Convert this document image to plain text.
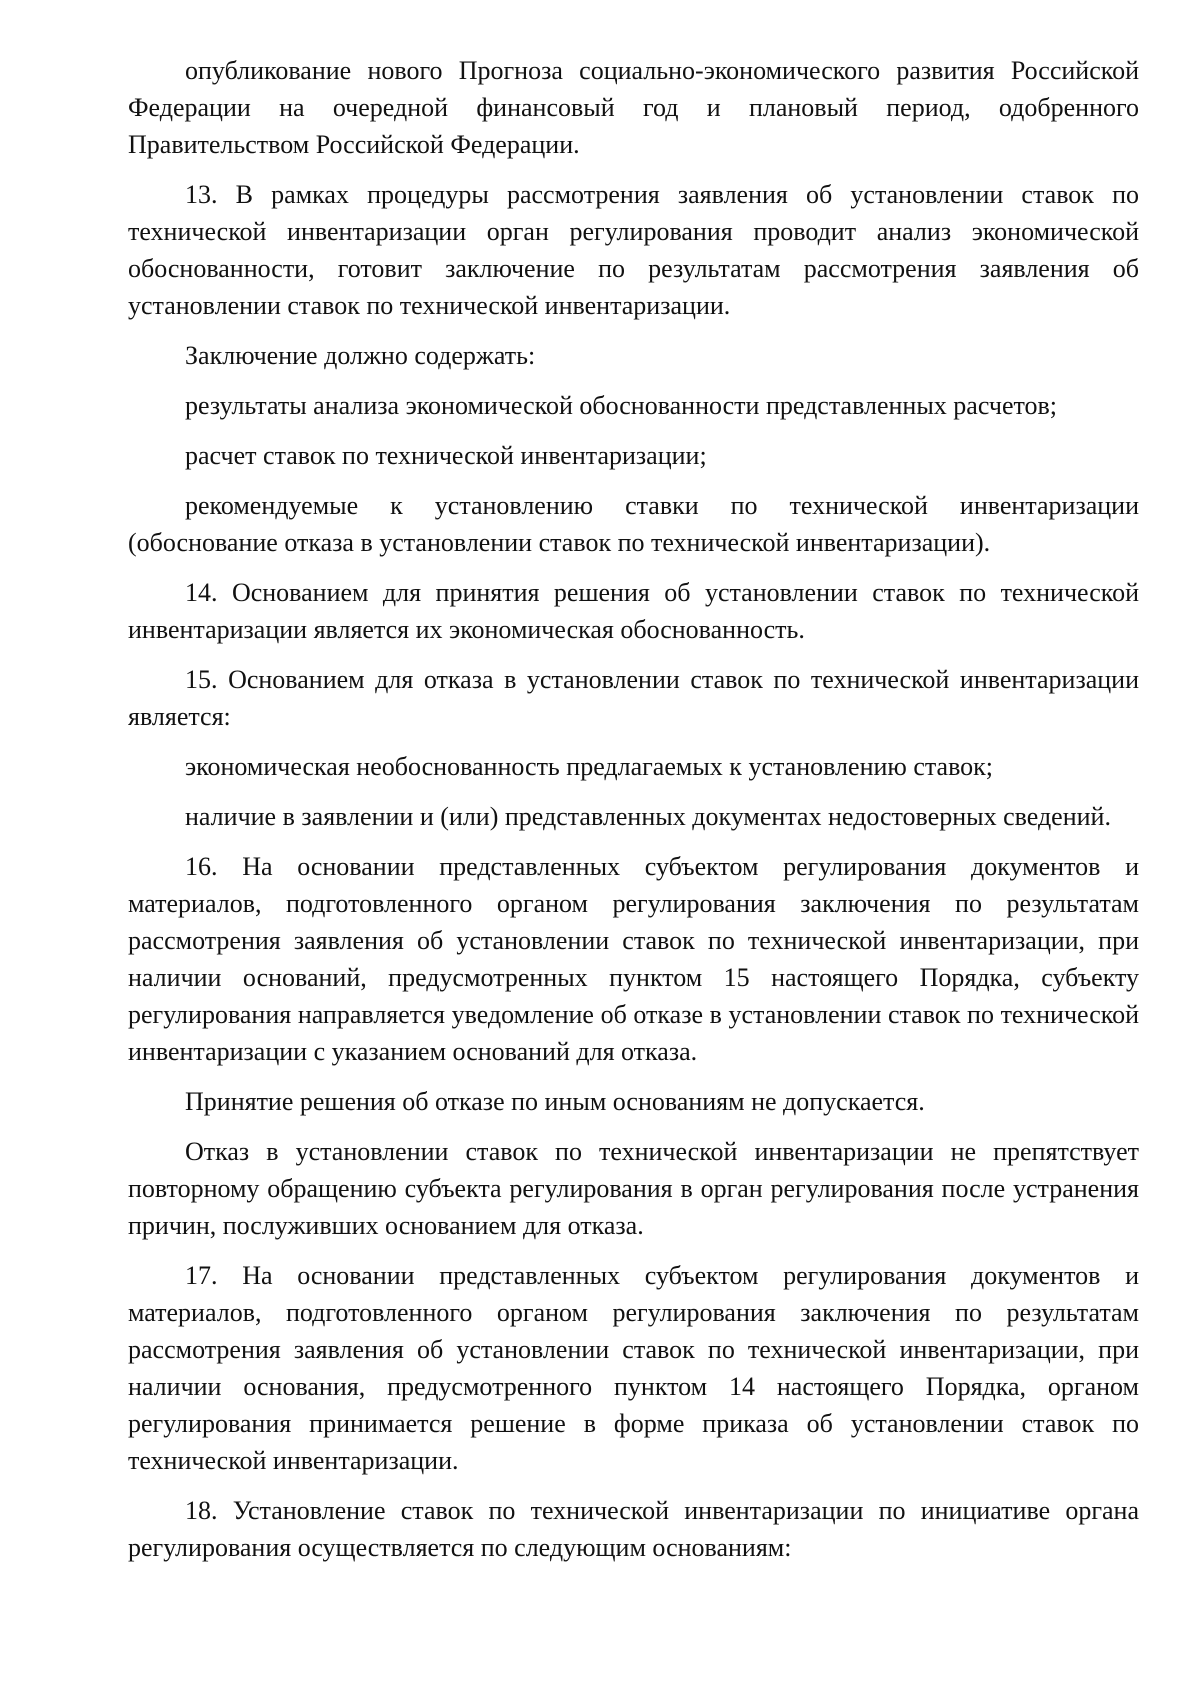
опубликование нового Прогноза социально-экономического развития Российской Федерации на очередной финансовый год и плановый период, одобренного Правительством Российской Федерации.

13. В рамках процедуры рассмотрения заявления об установлении ставок по технической инвентаризации орган регулирования проводит анализ экономической обоснованности, готовит заключение по результатам рассмотрения заявления об установлении ставок по технической инвентаризации.

Заключение должно содержать:

результаты анализа экономической обоснованности представленных расчетов;

расчет ставок по технической инвентаризации;

рекомендуемые к установлению ставки по технической инвентаризации (обоснование отказа в установлении ставок по технической инвентаризации).

14. Основанием для принятия решения об установлении ставок по технической инвентаризации является их экономическая обоснованность.

15. Основанием для отказа в установлении ставок по технической инвентаризации является:

экономическая необоснованность предлагаемых к установлению ставок;

наличие в заявлении и (или) представленных документах недостоверных сведений.

16. На основании представленных субъектом регулирования документов и материалов, подготовленного органом регулирования заключения по результатам рассмотрения заявления об установлении ставок по технической инвентаризации, при наличии оснований, предусмотренных пунктом 15 настоящего Порядка, субъекту регулирования направляется уведомление об отказе в установлении ставок по технической инвентаризации с указанием оснований для отказа.

Принятие решения об отказе по иным основаниям не допускается.

Отказ в установлении ставок по технической инвентаризации не препятствует повторному обращению субъекта регулирования в орган регулирования после устранения причин, послуживших основанием для отказа.

17. На основании представленных субъектом регулирования документов и материалов, подготовленного органом регулирования заключения по результатам рассмотрения заявления об установлении ставок по технической инвентаризации, при наличии основания, предусмотренного пунктом 14 настоящего Порядка, органом регулирования принимается решение в форме приказа об установлении ставок по технической инвентаризации.

18. Установление ставок по технической инвентаризации по инициативе органа регулирования осуществляется по следующим основаниям:
